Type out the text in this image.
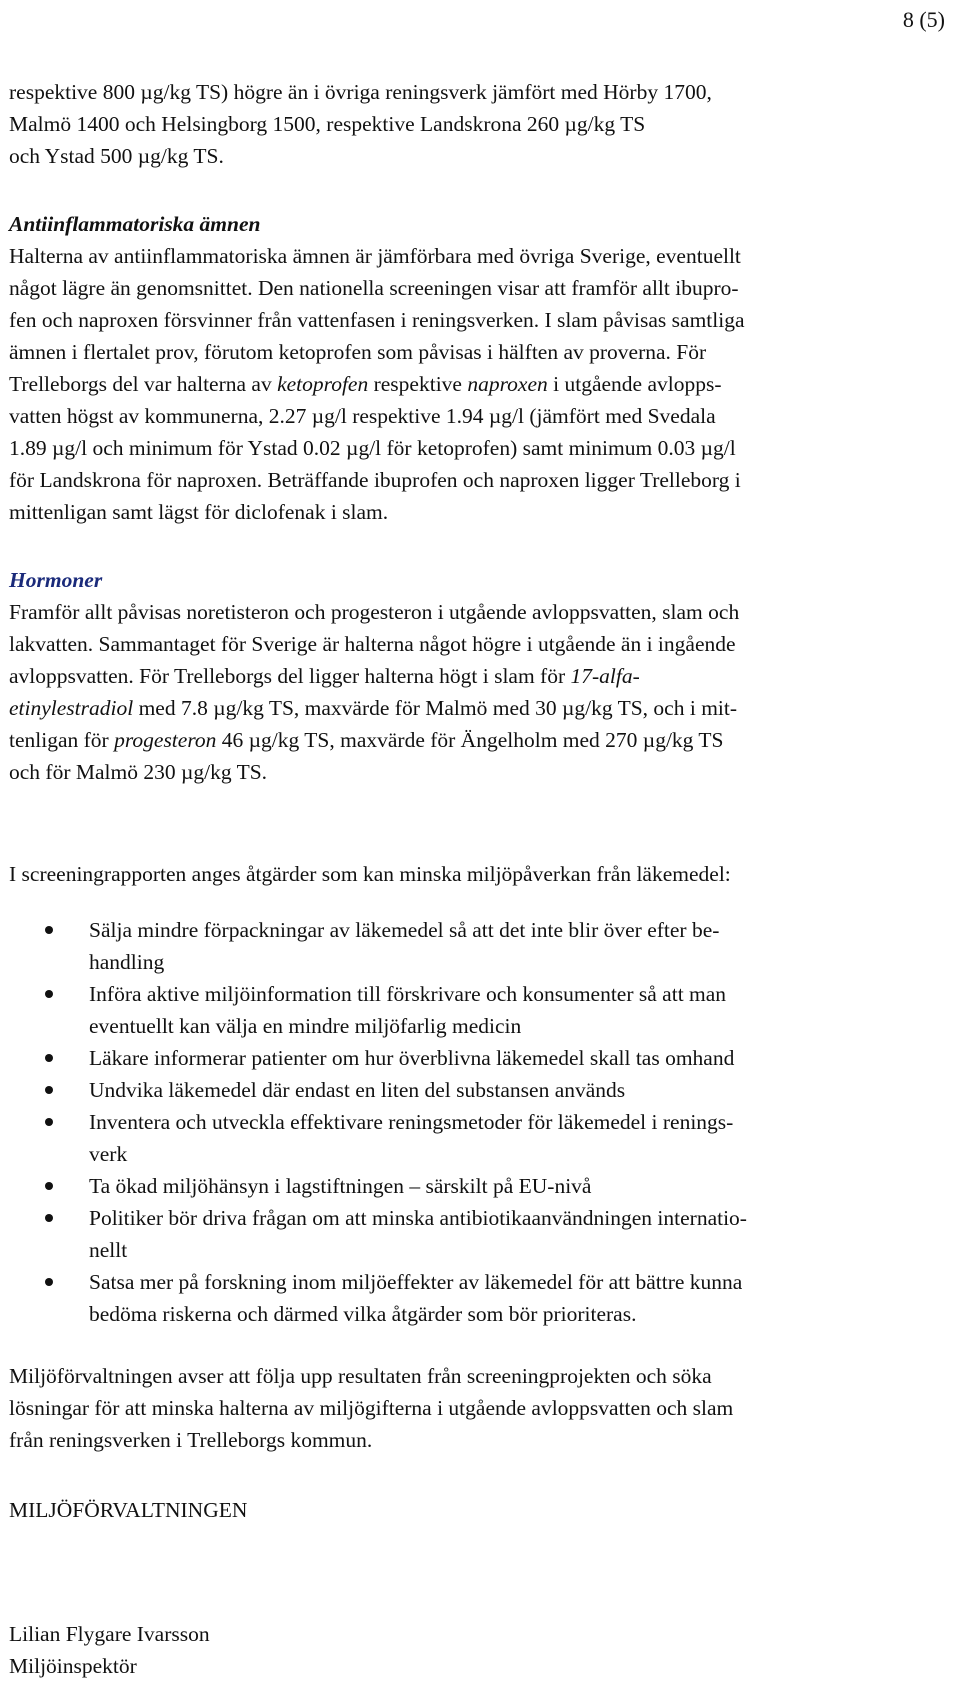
8 (5)
respektive 800 µg/kg TS) högre än i övriga reningsverk jämfört med Hörby 1700,
Malmö 1400 och Helsingborg 1500, respektive Landskrona 260 µg/kg TS
och Ystad 500 µg/kg TS.
Antiinflammatoriska ämnen
Halterna av antiinflammatoriska ämnen är jämförbara med övriga Sverige, eventuellt
något lägre än genomsnittet. Den nationella screeningen visar att framför allt ibupro-
fen och naproxen försvinner från vattenfasen i reningsverken. I slam påvisas samtliga
ämnen i flertalet prov, förutom ketoprofen som påvisas i hälften av proverna. För
Trelleborgs del var halterna av ketoprofen respektive naproxen i utgående avlopps-
vatten högst av kommunerna, 2.27 µg/l respektive 1.94 µg/l (jämfört med Svedala
1.89 µg/l och minimum för Ystad 0.02 µg/l för ketoprofen) samt minimum 0.03 µg/l
för Landskrona för naproxen. Beträffande ibuprofen och naproxen ligger Trelleborg i
mittenligan samt lägst för diclofenak i slam.
Hormoner
Framför allt påvisas noretisteron och progesteron i utgående avloppsvatten, slam och
lakvatten. Sammantaget för Sverige är halterna något högre i utgående än i ingående
avloppsvatten. För Trelleborgs del ligger halterna högt i slam för 17-alfa-
etinylestradiol med 7.8 µg/kg TS, maxvärde för Malmö med 30 µg/kg TS, och i mit-
tenligan för progesteron 46 µg/kg TS, maxvärde för Ängelholm med 270 µg/kg TS
och för Malmö 230 µg/kg TS.
I screeningrapporten anges åtgärder som kan minska miljöpåverkan från läkemedel:
Sälja mindre förpackningar av läkemedel så att det inte blir över efter be-
handling
Införa aktive miljöinformation till förskrivare och konsumenter så att man
eventuellt kan välja en mindre miljöfarlig medicin
Läkare informerar patienter om hur överblivna läkemedel skall tas omhand
Undvika läkemedel där endast en liten del substansen används
Inventera och utveckla effektivare reningsmetoder för läkemedel i renings-
verk
Ta ökad miljöhänsyn i lagstiftningen – särskilt på EU-nivå
Politiker bör driva frågan om att minska antibiotikaanvändningen internatio-
nellt
Satsa mer på forskning inom miljöeffekter av läkemedel för att bättre kunna
bedöma riskerna och därmed vilka åtgärder som bör prioriteras.
Miljöförvaltningen avser att följa upp resultaten från screeningprojekten och söka
lösningar för att minska halterna av miljögifterna i utgående avloppsvatten och slam
från reningsverken i Trelleborgs kommun.
MILJÖFÖRVALTNINGEN
Lilian Flygare Ivarsson
Miljöinspektör
